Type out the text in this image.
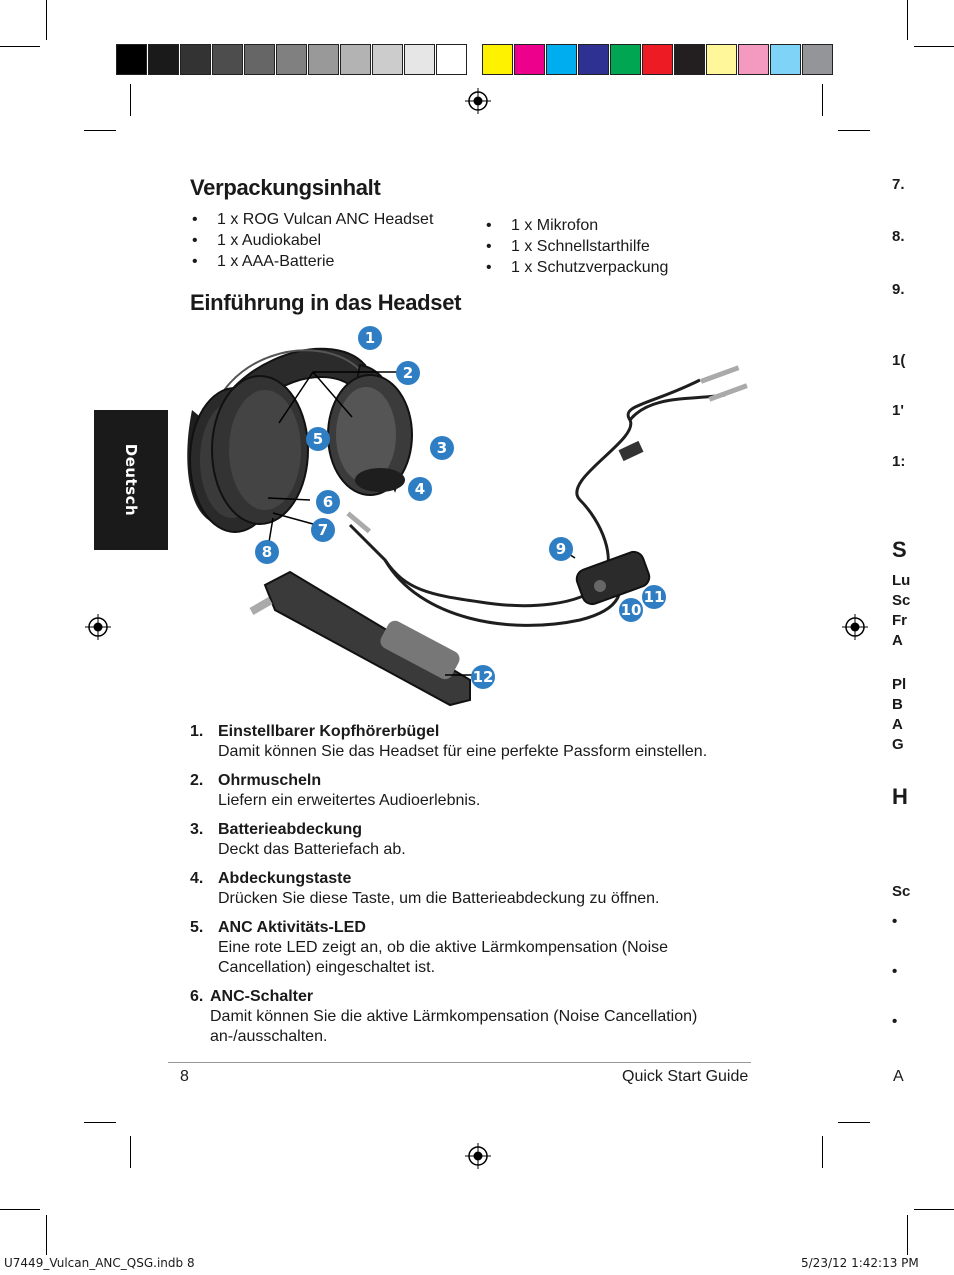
Deutsch
Verpackungsinhalt
• 1 x ROG Vulcan ANC Headset
• 1 x Audiokabel
• 1 x AAA-Batterie
• 1 x Mikrofon
• 1 x Schnellstarthilfe
• 1 x Schutzverpackung
Einführung in das Headset
1
2
3
4
5
6
7
8	9
10
11
12
1. Einstellbarer Kopfhörerbügel
Damit können Sie das Headset für eine perfekte Passform einstellen.
2. Ohrmuscheln
Liefern ein erweitertes Audioerlebnis.
3. Batterieabdeckung
Deckt das Batteriefach ab.
4. Abdeckungstaste
Drücken Sie diese Taste, um die Batterieabdeckung zu öffnen.
5. ANC Aktivitäts-LED
Eine rote LED zeigt an, ob die aktive Lärmkompensation (Noise Cancellation) eingeschaltet ist.
6. ANC-Schalter
Damit können Sie die aktive Lärmkompensation (Noise Cancellation) an-/ausschalten.
8	Quick Start Guide	A
7.
8.
9.
1(
1'
1:
S
Lu
Sc
Fr
A
Pl
B
A
G
H
Sc
•
•
•
U7449_Vulcan_ANC_QSG.indb 8	5/23/12 1:42:13 PM
